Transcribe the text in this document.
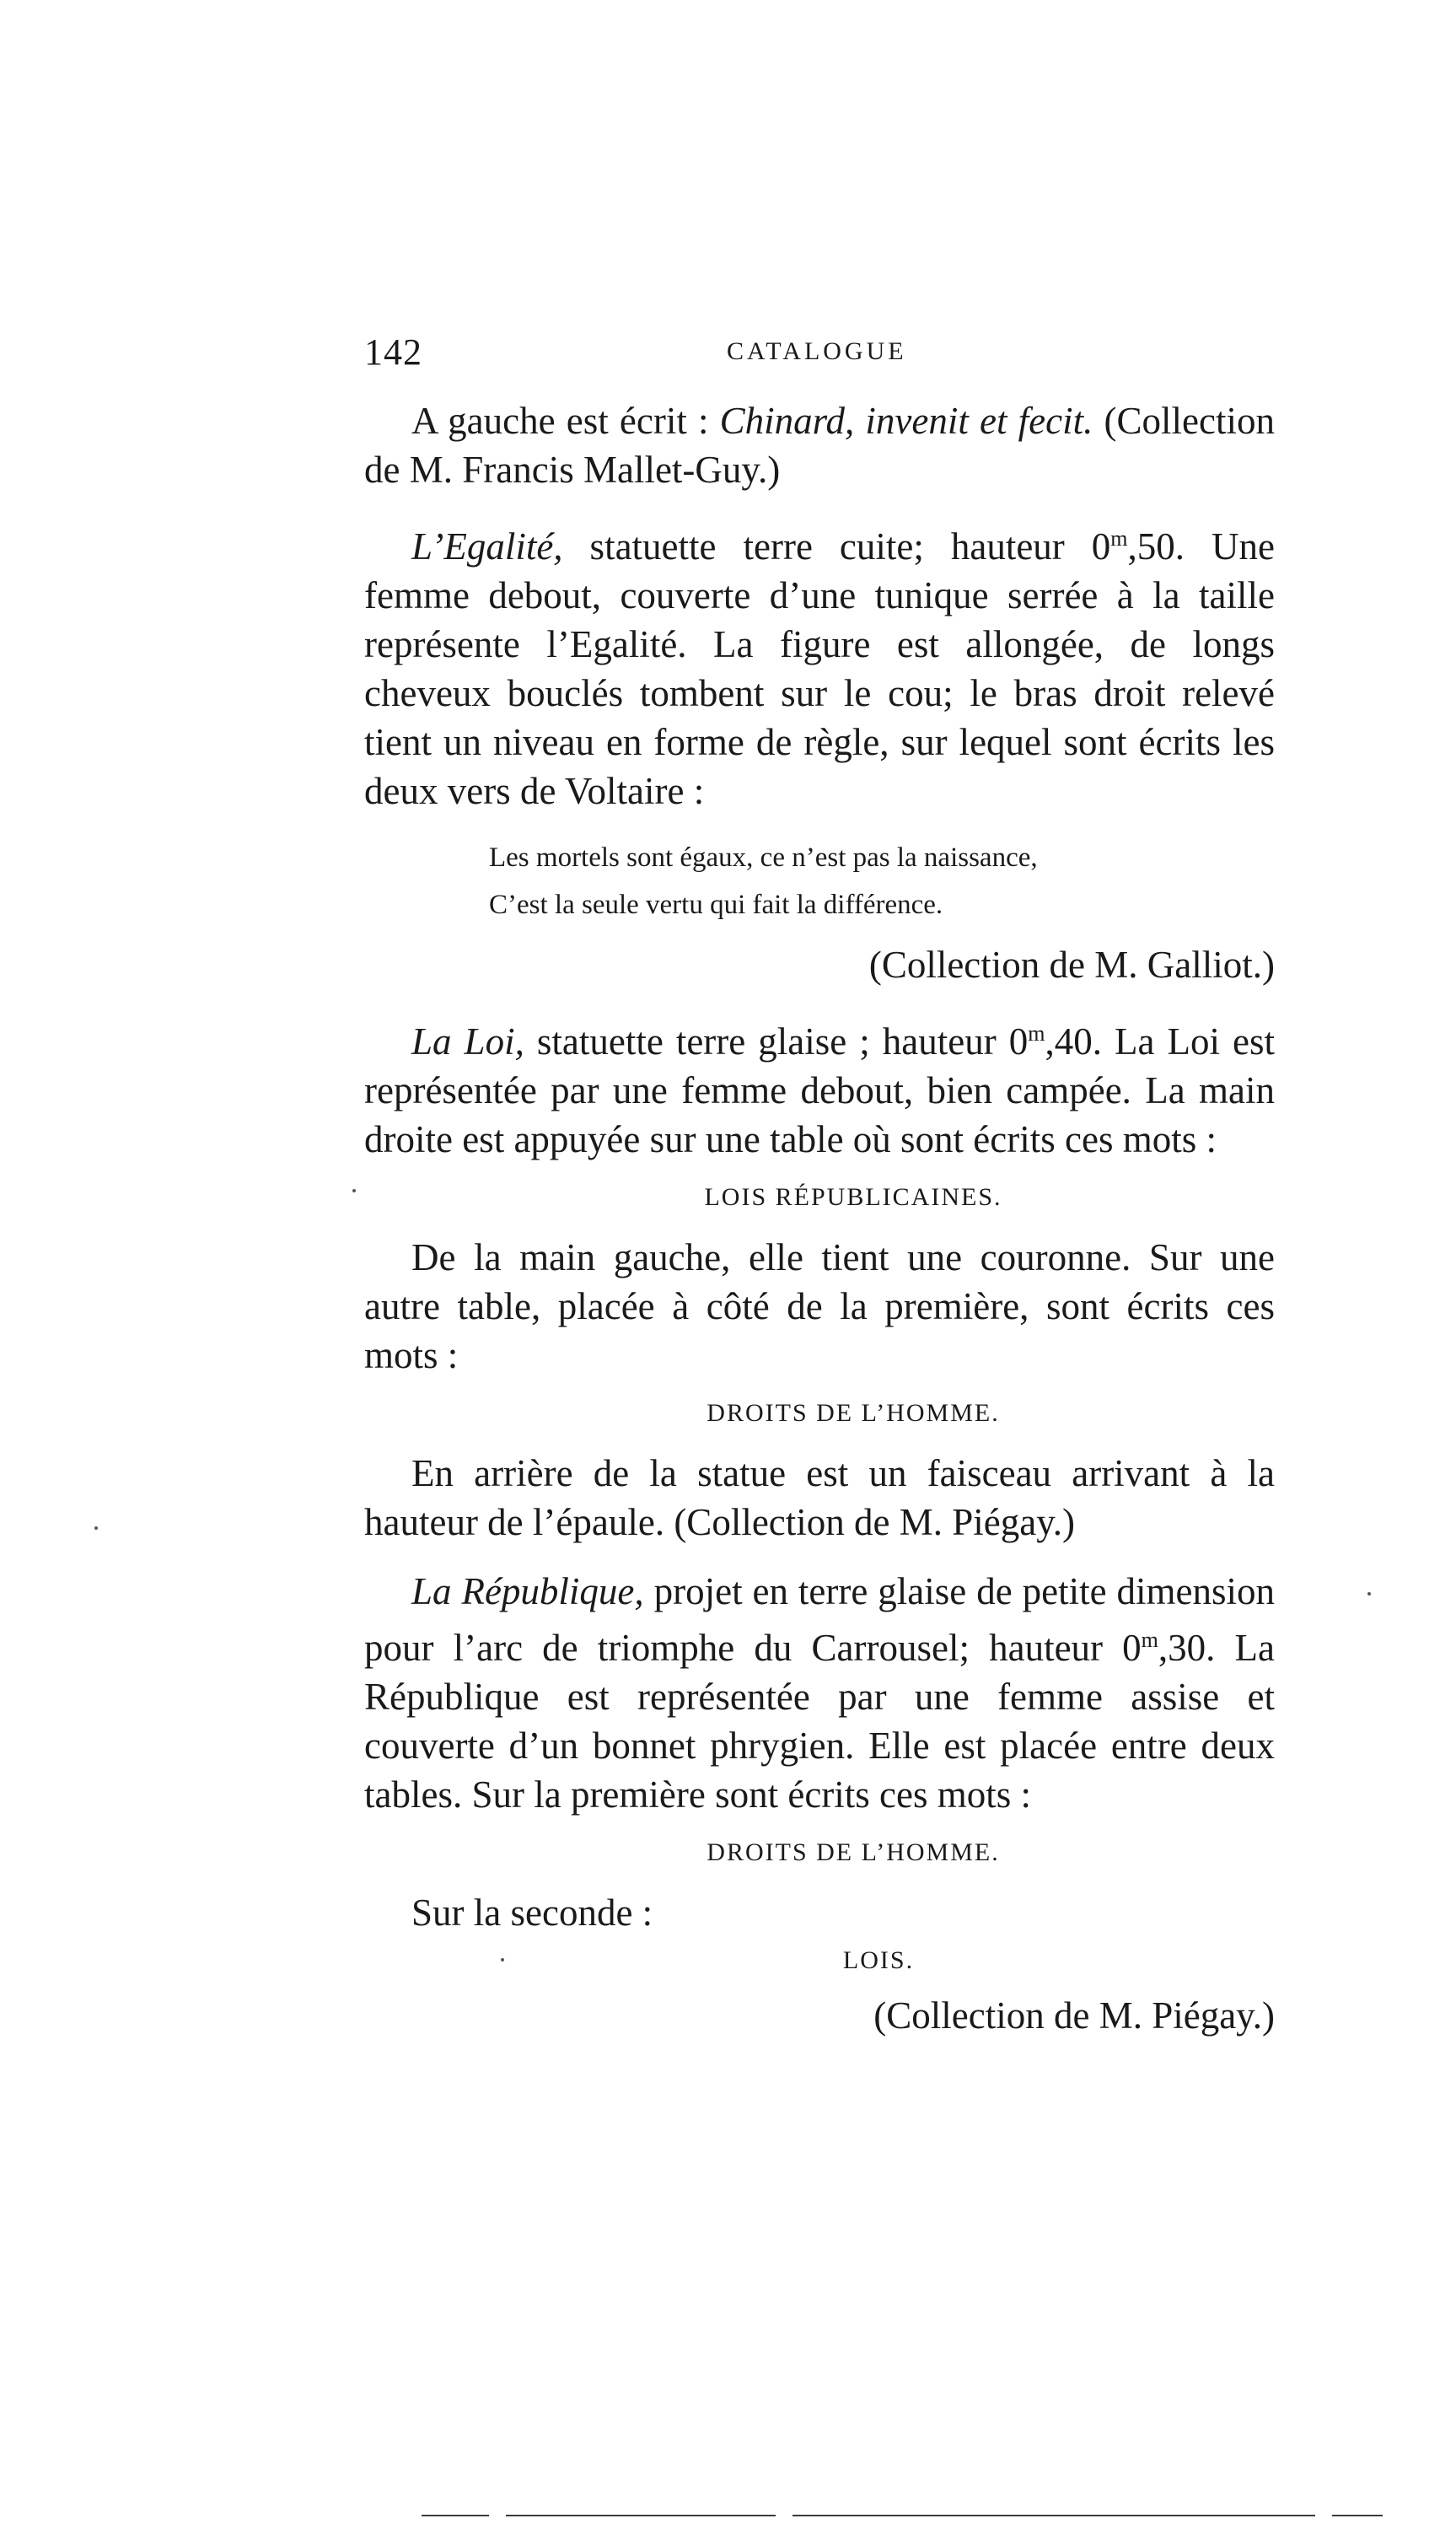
142	CATALOGUE

A gauche est écrit : Chinard, invenit et fecit. (Collection de M. Francis Mallet-Guy.)

L’Egalité, statuette terre cuite; hauteur 0$^m$,50. Une femme debout, couverte d’une tunique serrée à la taille représente l’Egalité. La figure est allongée, de longs cheveux bouclés tombent sur le cou; le bras droit relevé tient un niveau en forme de règle, sur lequel sont écrits les deux vers de Voltaire :

Les mortels sont égaux, ce n’est pas la naissance,
C’est la seule vertu qui fait la différence.

(Collection de M. Galliot.)

La Loi, statuette terre glaise ; hauteur 0$^m$,40. La Loi est représentée par une femme debout, bien campée. La main droite est appuyée sur une table où sont écrits ces mots :

LOIS RÉPUBLICAINES.

De la main gauche, elle tient une couronne. Sur une autre table, placée à côté de la première, sont écrits ces mots :

DROITS DE L’HOMME.

En arrière de la statue est un faisceau arrivant à la hauteur de l’épaule. (Collection de M. Piégay.)

La République, projet en terre glaise de petite dimension pour l’arc de triomphe du Carrousel; hauteur 0$^m$,30. La République est représentée par une femme assise et couverte d’un bonnet phrygien. Elle est placée entre deux tables. Sur la première sont écrits ces mots :

DROITS DE L’HOMME.

Sur la seconde :

LOIS.

(Collection de M. Piégay.)
